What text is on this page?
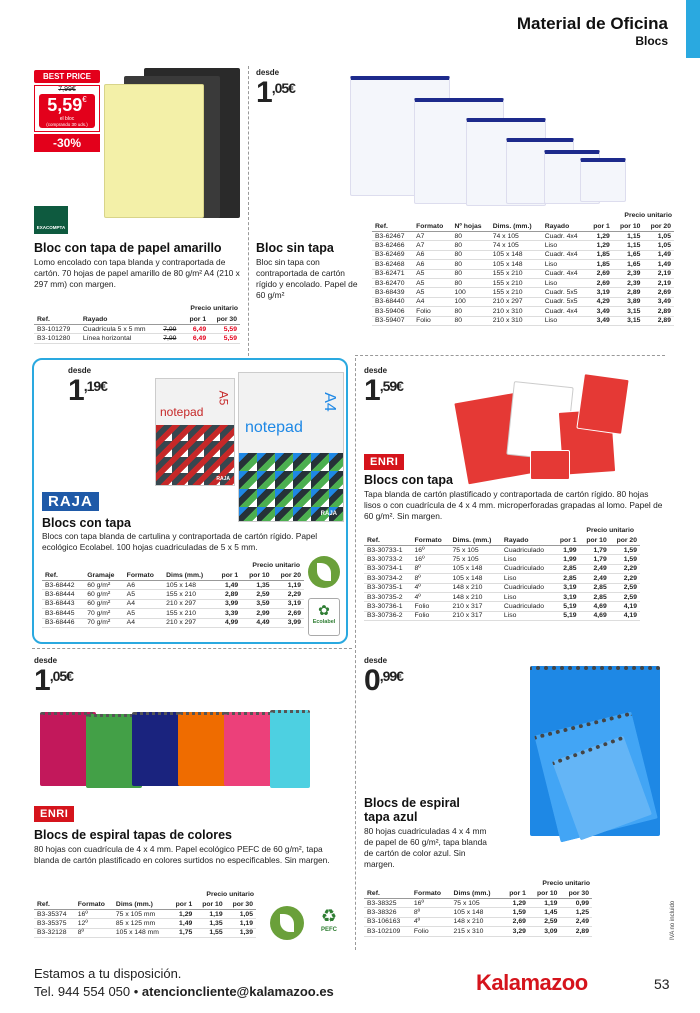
Material de Oficina
Blocs
BEST PRICE
7,99€
5,59€
el bloc
(comprando 30 uds.)
-30%
EXACOMPTA
Bloc con tapa de papel amarillo
Lomo encolado con tapa blanda y contraportada de cartón. 70 hojas de papel amarillo de 80 g/m² A4 (210 x 297 mm) con margen.
Precio unitario
Ref.	Rayado		por 1	por 30
B3-101279	Cuadrícula 5 x 5 mm	7,99	6,49	5,59
B3-101280	Línea horizontal	7,99	6,49	5,59
desde
1,05€
Bloc sin tapa
Bloc sin tapa con contraportada de cartón rígido y encolado. Papel de 60 g/m²
Precio unitario
Ref.	Formato	Nº hojas	Dims. (mm.)	Rayado	por 1	por 10	por 20
B3-62467	A7	80	74 x 105	Cuadr. 4x4	1,29	1,15	1,05
B3-62466	A7	80	74 x 105	Liso	1,29	1,15	1,05
B3-62469	A6	80	105 x 148	Cuadr. 4x4	1,85	1,65	1,49
B3-62468	A6	80	105 x 148	Liso	1,85	1,65	1,49
B3-62471	A5	80	155 x 210	Cuadr. 4x4	2,69	2,39	2,19
B3-62470	A5	80	155 x 210	Liso	2,69	2,39	2,19
B3-68439	A5	100	155 x 210	Cuadr. 5x5	3,19	2,89	2,69
B3-68440	A4	100	210 x 297	Cuadr. 5x5	4,29	3,89	3,49
B3-59406	Folio	80	210 x 310	Cuadr. 4x4	3,49	3,15	2,89
B3-59407	Folio	80	210 x 310	Liso	3,49	3,15	2,89
desde
1,19€
notepad
A5
RAJA
notepad
A4
RAJA
RAJA
Blocs con tapa
Blocs con tapa blanda de cartulina y contraportada de cartón rígido. Papel ecológico Ecolabel. 100 hojas cuadriculadas de 5 x 5 mm.
Precio unitario
Ref.	Gramaje	Formato	Dims (mm.)	por 1	por 10	por 20
B3-68442	60 g/m²	A6	105 x 148	1,49	1,35	1,19
B3-68444	60 g/m²	A5	155 x 210	2,89	2,59	2,29
B3-68443	60 g/m²	A4	210 x 297	3,99	3,59	3,19
B3-68445	70 g/m²	A5	155 x 210	3,39	2,99	2,69
B3-68446	70 g/m²	A4	210 x 297	4,99	4,49	3,99
✿
Ecolabel
desde
1,59€
ENRI
Blocs con tapa
Tapa blanda de cartón plastificado y contraportada de cartón rígido. 80 hojas lisos o con cuadrícula de 4 x 4 mm. microperforadas grapadas al lomo. Papel de 60 g/m². Sin margen.
Precio unitario
Ref.	Formato	Dims. (mm.)	Rayado	por 1	por 10	por 20
B3-30733-1	16º	75 x 105	Cuadriculado	1,99	1,79	1,59
B3-30733-2	16º	75 x 105	Liso	1,99	1,79	1,59
B3-30734-1	8º	105 x 148	Cuadriculado	2,85	2,49	2,29
B3-30734-2	8º	105 x 148	Liso	2,85	2,49	2,29
B3-30735-1	4º	148 x 210	Cuadriculado	3,19	2,85	2,59
B3-30735-2	4º	148 x 210	Liso	3,19	2,85	2,59
B3-30736-1	Folio	210 x 317	Cuadriculado	5,19	4,69	4,19
B3-30736-2	Folio	210 x 317	Liso	5,19	4,69	4,19
desde
1,05€
ENRI
Blocs de espiral tapas de colores
80 hojas con cuadrícula de 4 x 4 mm. Papel ecológico PEFC de 60 g/m², tapa blanda de cartón plastificado en colores surtidos no especificables. Sin margen.
Precio unitario
Ref.	Formato	Dims (mm.)	por 1	por 10	por 30
B3-35374	16º	75 x 105 mm	1,29	1,19	1,05
B3-35375	12º	85 x 125 mm	1,49	1,35	1,19
B3-32128	8º	105 x 148 mm	1,75	1,55	1,39
♻
PEFC
desde
0,99€
Blocs de espiral tapa azul
80 hojas cuadriculadas 4 x 4 mm de papel de 60 g/m², tapa blanda de cartón de color azul. Sin margen.
Precio unitario
Ref.	Formato	Dims (mm.)	por 1	por 10	por 30
B3-38325	16º	75 x 105	1,29	1,19	0,99
B3-38326	8º	105 x 148	1,59	1,45	1,25
B3-106163	4º	148 x 210	2,69	2,59	2,49
B3-102109	Folio	215 x 310	3,29	3,09	2,89	IVA no incluido
Estamos a tu disposición.
Tel. 944 554 050 • atencioncliente@kalamazoo.es	Kalamazoo	53
